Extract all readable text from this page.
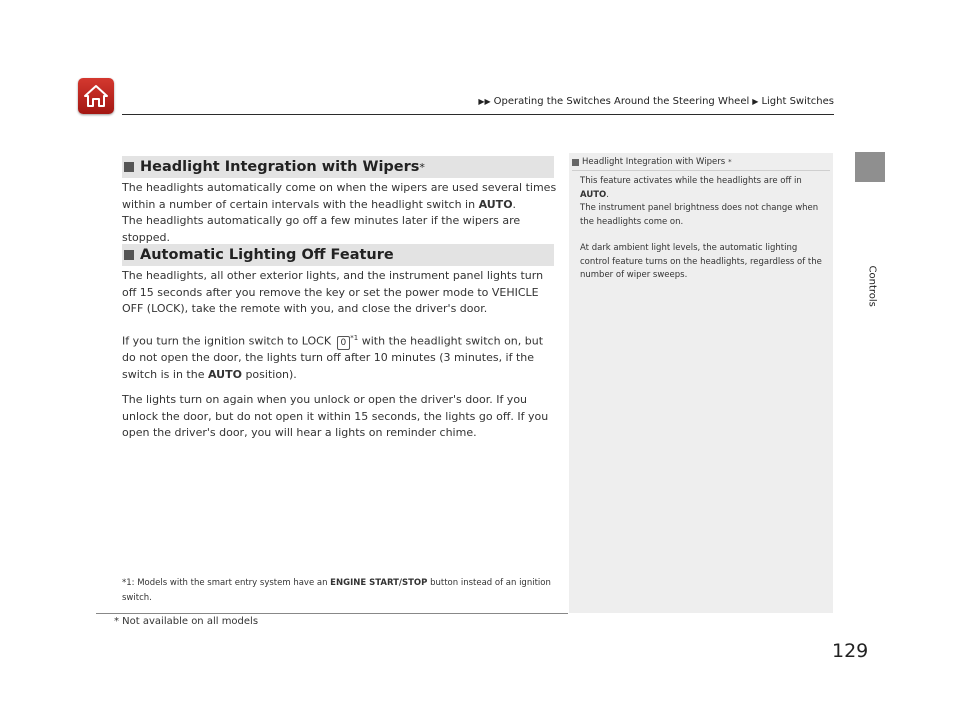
▶▶ Operating the Switches Around the Steering Wheel ▶ Light Switches
Controls
Headlight Integration with Wipers *
The headlights automatically come on when the wipers are used several times within a number of certain intervals with the headlight switch in AUTO.
The headlights automatically go off a few minutes later if the wipers are stopped.
Automatic Lighting Off Feature
The headlights, all other exterior lights, and the instrument panel lights turn off 15 seconds after you remove the key or set the power mode to VEHICLE OFF (LOCK), take the remote with you, and close the driver's door.
If you turn the ignition switch to LOCK 0 $^{*1}$ with the headlight switch on, but do not open the door, the lights turn off after 10 minutes (3 minutes, if the switch is in the AUTO position).
The lights turn on again when you unlock or open the driver's door. If you unlock the door, but do not open it within 15 seconds, the lights go off. If you open the driver's door, you will hear a lights on reminder chime.
*1: Models with the smart entry system have an ENGINE START/STOP button instead of an ignition switch.
* Not available on all models
Headlight Integration with Wipers *
This feature activates while the headlights are off in AUTO.
The instrument panel brightness does not change when the headlights come on.
At dark ambient light levels, the automatic lighting control feature turns on the headlights, regardless of the number of wiper sweeps.
129
